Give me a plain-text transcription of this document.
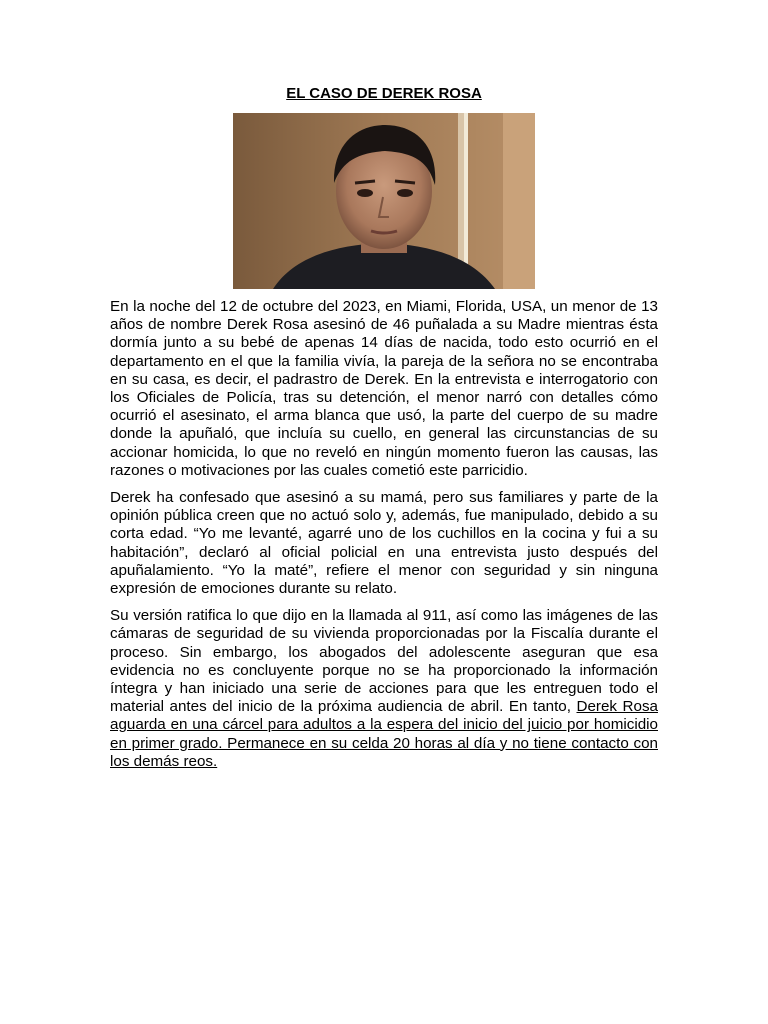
EL CASO DE DEREK ROSA

En la noche del 12 de octubre del 2023, en Miami, Florida, USA, un menor de 13 años de nombre Derek Rosa asesinó de 46 puñalada a su Madre mientras ésta dormía junto a su bebé de apenas 14 días de nacida, todo esto ocurrió en el departamento en el que la familia vivía, la pareja de la señora no se encontraba en su casa, es decir, el padrastro de Derek. En la entrevista e interrogatorio con los Oficiales de Policía, tras su detención, el menor narró con detalles cómo ocurrió el asesinato, el arma blanca que usó, la parte del cuerpo de su madre donde la apuñaló, que incluía su cuello, en general las circunstancias de su accionar homicida, lo que no reveló en ningún momento fueron las causas, las razones o motivaciones por las cuales cometió este parricidio.

Derek ha confesado que asesinó a su mamá, pero sus familiares y parte de la opinión pública creen que no actuó solo y, además, fue manipulado, debido a su corta edad. “Yo me levanté, agarré uno de los cuchillos en la cocina y fui a su habitación”, declaró al oficial policial en una entrevista justo después del apuñalamiento. “Yo la maté”, refiere el menor con seguridad y sin ninguna expresión de emociones durante su relato.

Su versión ratifica lo que dijo en la llamada al 911, así como las imágenes de las cámaras de seguridad de su vivienda proporcionadas por la Fiscalía durante el proceso. Sin embargo, los abogados del adolescente aseguran que esa evidencia no es concluyente porque no se ha proporcionado la información íntegra y han iniciado una serie de acciones para que les entreguen todo el material antes del inicio de la próxima audiencia de abril. En tanto, Derek Rosa aguarda en una cárcel para adultos a la espera del inicio del juicio por homicidio en primer grado. Permanece en su celda 20 horas al día y no tiene contacto con los demás reos.
